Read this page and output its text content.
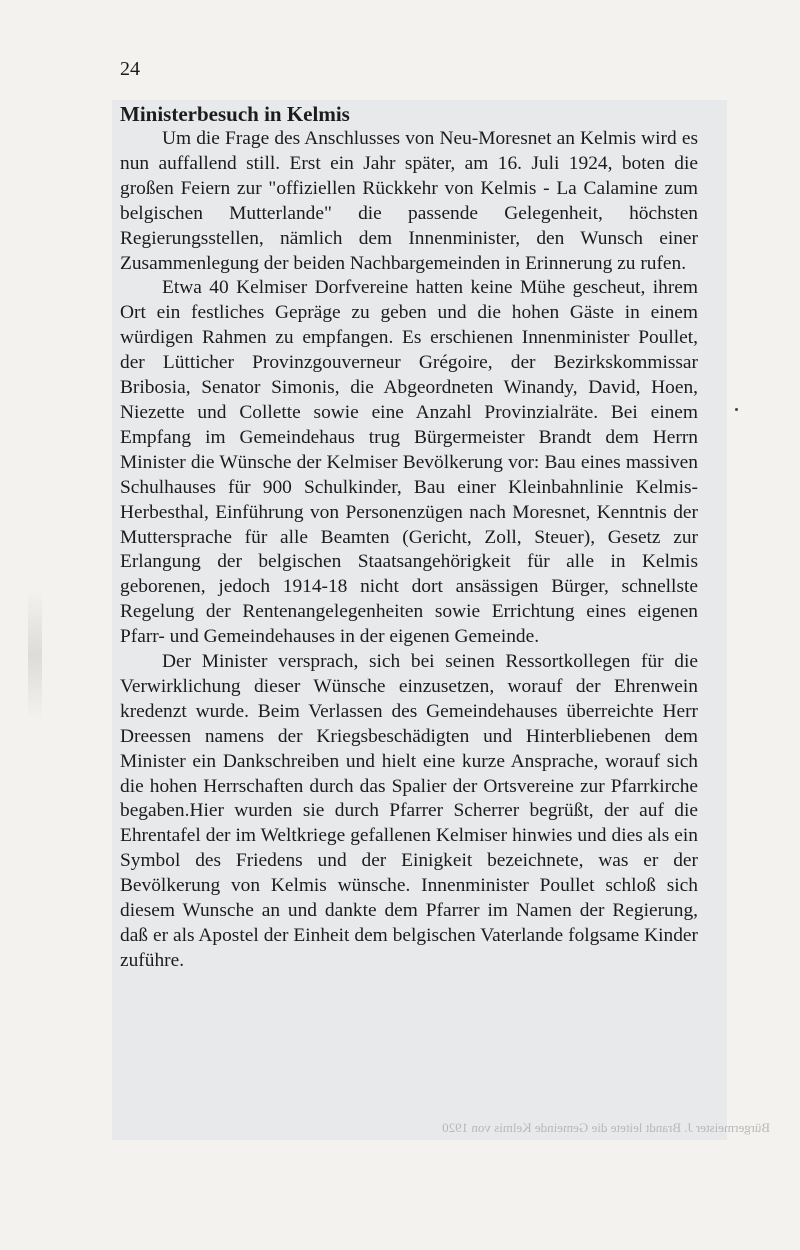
24
Ministerbesuch in Kelmis

Um die Frage des Anschlusses von Neu-Moresnet an Kelmis wird es nun auffallend still. Erst ein Jahr später, am 16. Juli 1924, boten die großen Feiern zur "offiziellen Rückkehr von Kelmis - La Calamine zum belgischen Mutterlande" die passende Gelegenheit, höchsten Regierungsstellen, nämlich dem Innenminister, den Wunsch einer Zusammenlegung der beiden Nachbargemeinden in Erinnerung zu rufen.

Etwa 40 Kelmiser Dorfvereine hatten keine Mühe gescheut, ihrem Ort ein festliches Gepräge zu geben und die hohen Gäste in einem würdigen Rahmen zu empfangen. Es erschienen Innenminister Poullet, der Lütticher Provinzgouverneur Grégoire, der Bezirkskommissar Bribosia, Senator Simonis, die Abgeordneten Winandy, David, Hoen, Niezette und Collette sowie eine Anzahl Provinzialräte. Bei einem Empfang im Gemeindehaus trug Bürgermeister Brandt dem Herrn Minister die Wünsche der Kelmiser Bevölkerung vor: Bau eines massiven Schulhauses für 900 Schulkinder, Bau einer Kleinbahnlinie Kelmis-Herbesthal, Einführung von Personenzügen nach Moresnet, Kenntnis der Muttersprache für alle Beamten (Gericht, Zoll, Steuer), Gesetz zur Erlangung der belgischen Staatsangehörigkeit für alle in Kelmis geborenen, jedoch 1914-18 nicht dort ansässigen Bürger, schnellste Regelung der Rentenangelegenheiten sowie Errichtung eines eigenen Pfarr- und Gemeindehauses in der eigenen Gemeinde.

Der Minister versprach, sich bei seinen Ressortkollegen für die Verwirklichung dieser Wünsche einzusetzen, worauf der Ehrenwein kredenzt wurde. Beim Verlassen des Gemeindehauses überreichte Herr Dreessen namens der Kriegsbeschädigten und Hinterbliebenen dem Minister ein Dankschreiben und hielt eine kurze Ansprache, worauf sich die hohen Herrschaften durch das Spalier der Ortsvereine zur Pfarrkirche begaben.Hier wurden sie durch Pfarrer Scherrer begrüßt, der auf die Ehrentafel der im Weltkriege gefallenen Kelmiser hinwies und dies als ein Symbol des Friedens und der Einigkeit bezeichnete, was er der Bevölkerung von Kelmis wünsche. Innenminister Poullet schloß sich diesem Wunsche an und dankte dem Pfarrer im Namen der Regierung, daß er als Apostel der Einheit dem belgischen Vaterlande folgsame Kinder zuführe.

Bürgermeister J. Brandt leitete die Gemeinde Kelmis von 1920
